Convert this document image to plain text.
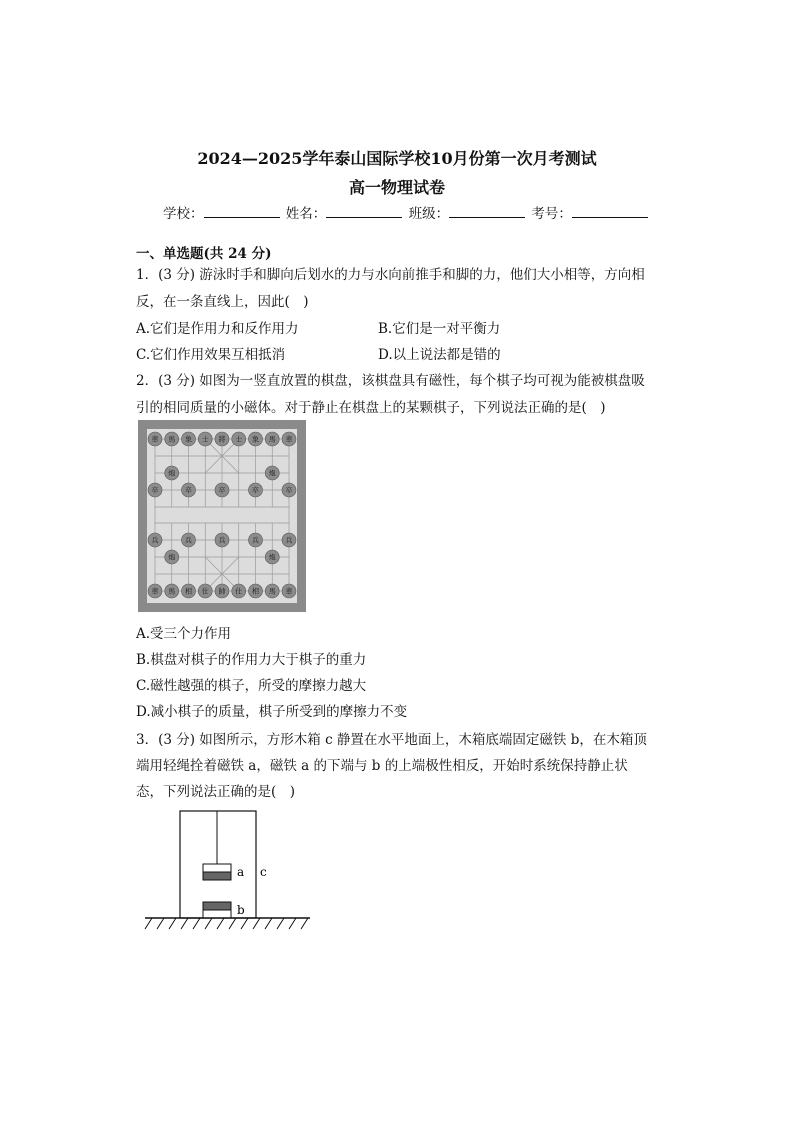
2024—2025学年泰山国际学校10月份第一次月考测试
高一物理试卷
学校：	姓名：	班级：	考号：
一、单选题(共 24 分)
1．(3 分) 游泳时手和脚向后划水的力与水向前推手和脚的力，他们大小相等，方向相
反，在一条直线上，因此(　)
A.它们是作用力和反作用力	B.它们是一对平衡力
C.它们作用效果互相抵消	D.以上说法都是错的
2．(3 分) 如图为一竖直放置的棋盘，该棋盘具有磁性，每个棋子均可视为能被棋盘吸
引的相同质量的小磁体。对于静止在棋盘上的某颗棋子，下列说法正确的是(　)
車 馬 象 士 將 士 象 馬 車
炮	炮
卒	卒	卒	卒	卒
兵	兵	兵	兵	兵
炮	炮
車 馬 相 仕 帥 仕 相 馬 車
A.受三个力作用
B.棋盘对棋子的作用力大于棋子的重力
C.磁性越强的棋子，所受的摩擦力越大
D.减小棋子的质量，棋子所受到的摩擦力不变
3．(3 分) 如图所示，方形木箱 c 静置在水平地面上，木箱底端固定磁铁 b，在木箱顶
端用轻绳拴着磁铁 a，磁铁 a 的下端与 b 的上端极性相反，开始时系统保持静止状
态，下列说法正确的是(　)
a c
b
